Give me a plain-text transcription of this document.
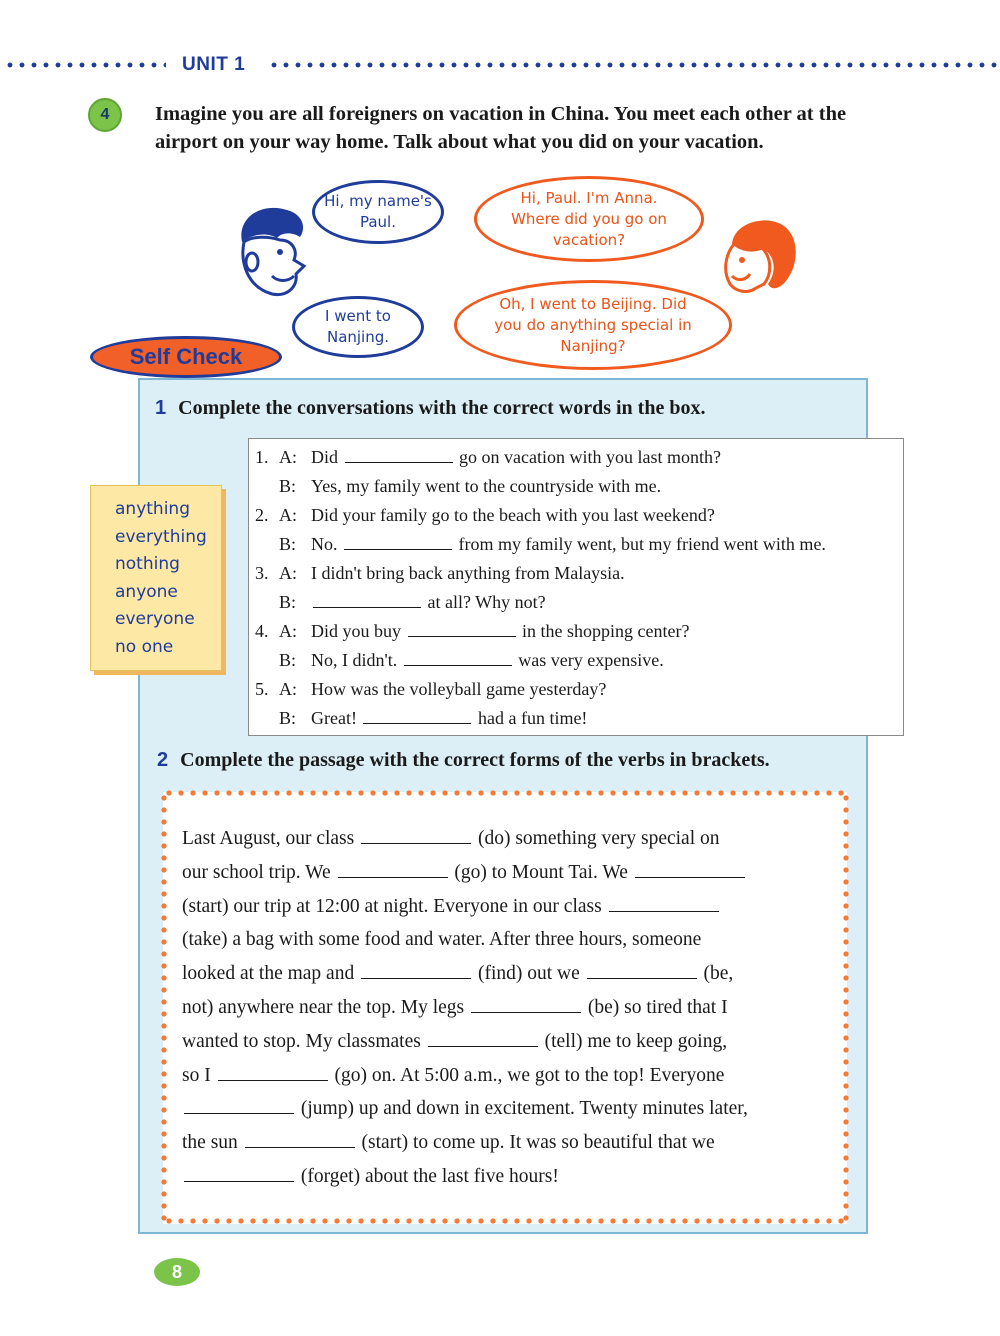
UNIT 1
4	Imagine you are all foreigners on vacation in China. You meet each other at the airport on your way home. Talk about what you did on your vacation.
Hi, my name's Paul.
Hi, Paul. I'm Anna. Where did you go on vacation?
I went to Nanjing.
Oh, I went to Beijing. Did you do anything special in Nanjing?
Self Check
1 Complete the conversations with the correct words in the box.
anything
everything
nothing
anyone
everyone
no one
1. A: Did	go on vacation with you last month?
B: Yes, my family went to the countryside with me.
2. A: Did your family go to the beach with you last weekend?
B: No.	from my family went, but my friend went with me.
3. A: I didn't bring back anything from Malaysia.
B:	at all? Why not?
4. A: Did you buy	in the shopping center?
B: No, I didn't.	was very expensive.
5. A: How was the volleyball game yesterday?
B: Great!	had a fun time!
2 Complete the passage with the correct forms of the verbs in brackets.
Last August, our class	(do) something very special on
our school trip. We	(go) to Mount Tai. We
(start) our trip at 12:00 at night. Everyone in our class
(take) a bag with some food and water. After three hours, someone
looked at the map and	(find) out we	(be,
not) anywhere near the top. My legs	(be) so tired that I
wanted to stop. My classmates	(tell) me to keep going,
so I	(go) on. At 5:00 a.m., we got to the top! Everyone
(jump) up and down in excitement. Twenty minutes later,
the sun	(start) to come up. It was so beautiful that we
(forget) about the last five hours!
8
